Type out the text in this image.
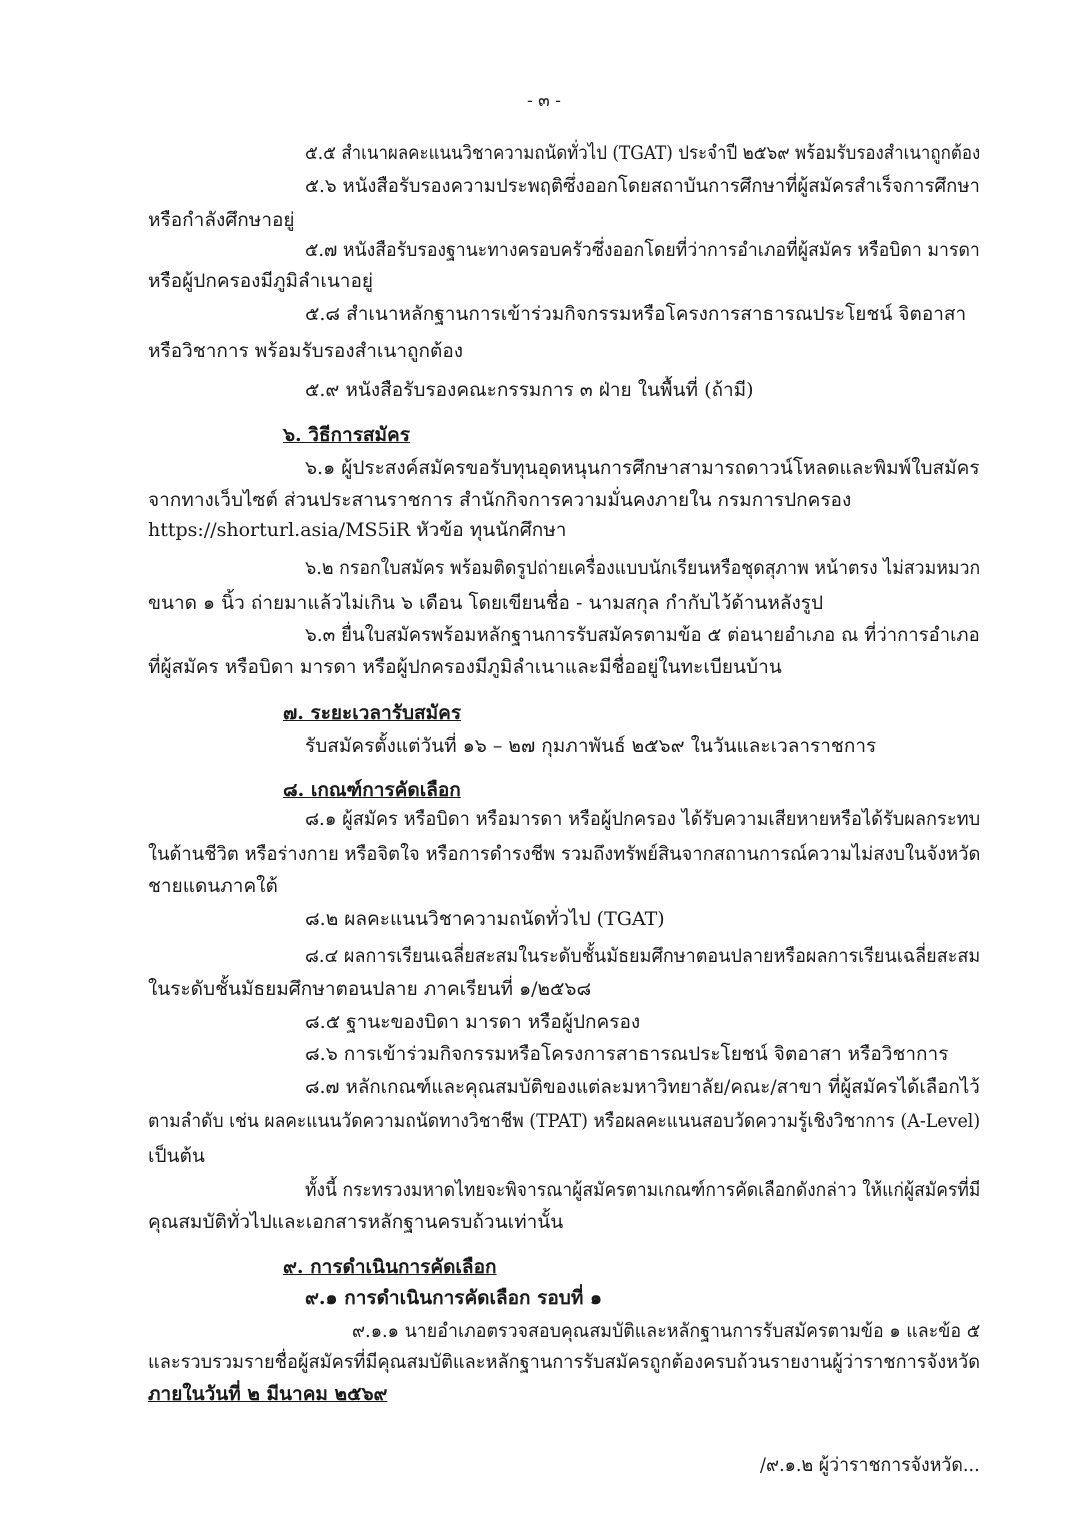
- ๓ -
๕.๕ สำเนาผลคะแนนวิชาความถนัดทั่วไป (TGAT) ประจำปี ๒๕๖๙ พร้อมรับรองสำเนาถูกต้อง
๕.๖ หนังสือรับรองความประพฤติซึ่งออกโดยสถาบันการศึกษาที่ผู้สมัครสำเร็จการศึกษา
หรือกำลังศึกษาอยู่
๕.๗ หนังสือรับรองฐานะทางครอบครัวซึ่งออกโดยที่ว่าการอำเภอที่ผู้สมัคร หรือบิดา มารดา
หรือผู้ปกครองมีภูมิลำเนาอยู่
๕.๘ สำเนาหลักฐานการเข้าร่วมกิจกรรมหรือโครงการสาธารณประโยชน์ จิตอาสา
หรือวิชาการ พร้อมรับรองสำเนาถูกต้อง
๕.๙ หนังสือรับรองคณะกรรมการ ๓ ฝ่าย ในพื้นที่ (ถ้ามี)
๖. วิธีการสมัคร
๖.๑ ผู้ประสงค์สมัครขอรับทุนอุดหนุนการศึกษาสามารถดาวน์โหลดและพิมพ์ใบสมัคร
จากทางเว็บไซต์ ส่วนประสานราชการ สำนักกิจการความมั่นคงภายใน กรมการปกครอง
https://shorturl.asia/MS5iR หัวข้อ ทุนนักศึกษา
๖.๒ กรอกใบสมัคร พร้อมติดรูปถ่ายเครื่องแบบนักเรียนหรือชุดสุภาพ หน้าตรง ไม่สวมหมวก
ขนาด ๑ นิ้ว ถ่ายมาแล้วไม่เกิน ๖ เดือน โดยเขียนชื่อ - นามสกุล กำกับไว้ด้านหลังรูป
๖.๓ ยื่นใบสมัครพร้อมหลักฐานการรับสมัครตามข้อ ๕ ต่อนายอำเภอ ณ ที่ว่าการอำเภอ
ที่ผู้สมัคร หรือบิดา มารดา หรือผู้ปกครองมีภูมิลำเนาและมีชื่ออยู่ในทะเบียนบ้าน
๗. ระยะเวลารับสมัคร
รับสมัครตั้งแต่วันที่ ๑๖ – ๒๗ กุมภาพันธ์ ๒๕๖๙ ในวันและเวลาราชการ
๘. เกณฑ์การคัดเลือก
๘.๑ ผู้สมัคร หรือบิดา หรือมารดา หรือผู้ปกครอง ได้รับความเสียหายหรือได้รับผลกระทบ
ในด้านชีวิต หรือร่างกาย หรือจิตใจ หรือการดำรงชีพ รวมถึงทรัพย์สินจากสถานการณ์ความไม่สงบในจังหวัด
ชายแดนภาคใต้
๘.๒ ผลคะแนนวิชาความถนัดทั่วไป (TGAT)
๘.๔ ผลการเรียนเฉลี่ยสะสมในระดับชั้นมัธยมศึกษาตอนปลายหรือผลการเรียนเฉลี่ยสะสม
ในระดับชั้นมัธยมศึกษาตอนปลาย ภาคเรียนที่ ๑/๒๕๖๘
๘.๕ ฐานะของบิดา มารดา หรือผู้ปกครอง
๘.๖ การเข้าร่วมกิจกรรมหรือโครงการสาธารณประโยชน์ จิตอาสา หรือวิชาการ
๘.๗ หลักเกณฑ์และคุณสมบัติของแต่ละมหาวิทยาลัย/คณะ/สาขา ที่ผู้สมัครได้เลือกไว้
ตามลำดับ เช่น ผลคะแนนวัดความถนัดทางวิชาชีพ (TPAT) หรือผลคะแนนสอบวัดความรู้เชิงวิชาการ (A-Level)
เป็นต้น
ทั้งนี้ กระทรวงมหาดไทยจะพิจารณาผู้สมัครตามเกณฑ์การคัดเลือกดังกล่าว ให้แก่ผู้สมัครที่มี
คุณสมบัติทั่วไปและเอกสารหลักฐานครบถ้วนเท่านั้น
๙. การดำเนินการคัดเลือก
๙.๑ การดำเนินการคัดเลือก รอบที่ ๑
๙.๑.๑ นายอำเภอตรวจสอบคุณสมบัติและหลักฐานการรับสมัครตามข้อ ๑ และข้อ ๕
และรวบรวมรายชื่อผู้สมัครที่มีคุณสมบัติและหลักฐานการรับสมัครถูกต้องครบถ้วนรายงานผู้ว่าราชการจังหวัด
ภายในวันที่ ๒ มีนาคม ๒๕๖๙
/๙.๑.๒ ผู้ว่าราชการจังหวัด...
